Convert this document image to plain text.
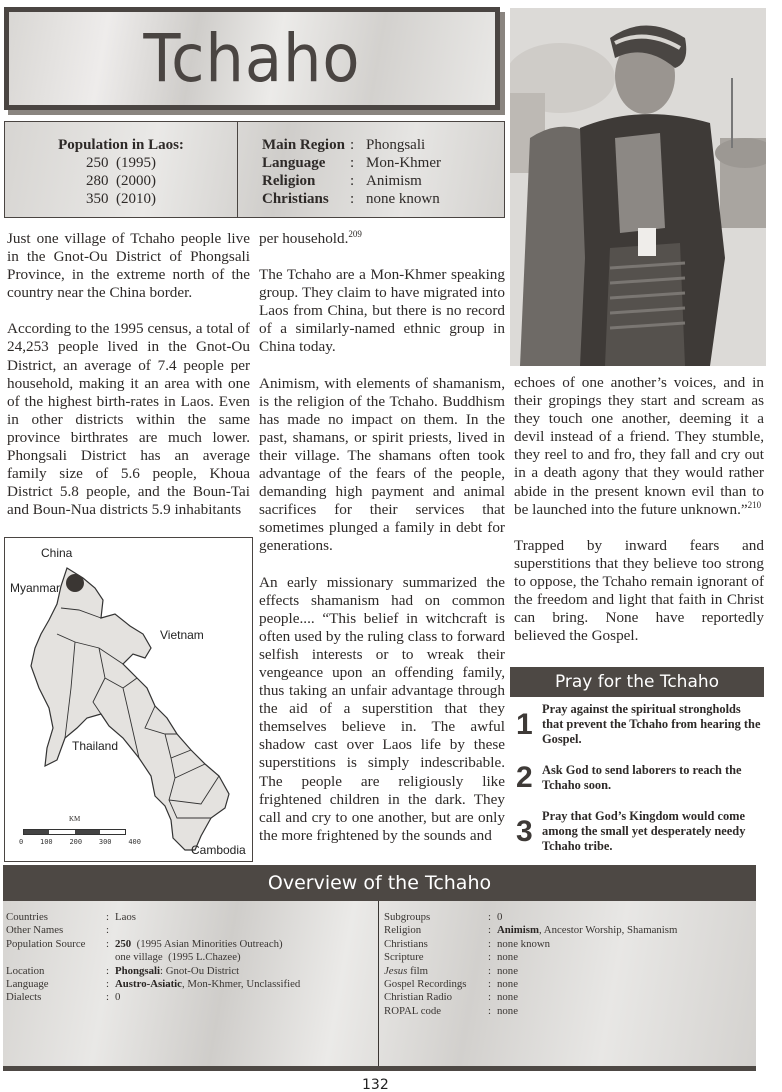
Tchaho
Population in Laos:
250  (1995)
280  (2000)
350  (2010)
Main Region : Phongsali
Language	: Mon-Khmer
Religion	: Animism
Christians	: none known

Just one village of Tchaho people live in the Gnot-Ou District of Phongsali Province, in the extreme north of the country near the China border.

According to the 1995 census, a total of 24,253 people lived in the Gnot-Ou District, an average of 7.4 people per household, making it an area with one of the highest birth-rates in Laos. Even in other districts within the same province birthrates are much lower. Phongsali District has an average family size of 5.6 people, Khoua District 5.8 people, and the Boun-Tai and Boun-Nua districts 5.9 inhabitants

per household.$^{209}$

The Tchaho are a Mon-Khmer speaking group. They claim to have migrated into Laos from China, but there is no record of a similarly-named ethnic group in China today.

Animism, with elements of shamanism, is the religion of the Tchaho. Buddhism has made no impact on them. In the past, shamans, or spirit priests, lived in their village. The shamans often took advantage of the fears of the people, demanding high payment and animal sacrifices for their services that sometimes plunged a family in debt for generations.

An early missionary summarized the effects shamanism had on common people.... “This belief in witchcraft is often used by the ruling class to forward selfish interests or to wreak their vengeance upon an offending family, thus taking an unfair advantage through the aid of a superstition that they themselves believe in. The awful shadow cast over Laos life by these superstitions is simply indescribable. The people are religiously like frightened children in the dark. They call and cry to one another, but are only the more frightened by the sounds and

echoes of one another’s voices, and in their gropings they start and scream as they touch one another, deeming it a devil instead of a friend. They stumble, they reel to and fro, they fall and cry out in a death agony that they would rather abide in the present known evil than to be launched into the future unknown.”$^{210}$

Trapped by inward fears and superstitions that they believe too strong to oppose, the Tchaho remain ignorant of the freedom and light that faith in Christ can bring. None have reportedly believed the Gospel.

China
Myanmar
Vietnam
Thailand
Cambodia
KM
0 100 200 300 400
Pray for the Tchaho
1 Pray against the spiritual strongholds that prevent the Tchaho from hearing the Gospel.
2 Ask God to send laborers to reach the Tchaho soon.
3 Pray that God’s Kingdom would come among the small yet desperately needy Tchaho tribe.
Overview of the Tchaho
Countries	: Laos
Other Names	:
Population Source	: 250  (1995 Asian Minorities Outreach)
one village  (1995 L.Chazee)
Location	: Phongsali: Gnot-Ou District
Language	: Austro-Asiatic, Mon-Khmer, Unclassified
Dialects	: 0
Subgroups	: 0
Religion	: Animism, Ancestor Worship, Shamanism
Christians	: none known
Scripture	: none
Jesus film	: none
Gospel Recordings	: none
Christian Radio	: none
ROPAL code	: none
132
